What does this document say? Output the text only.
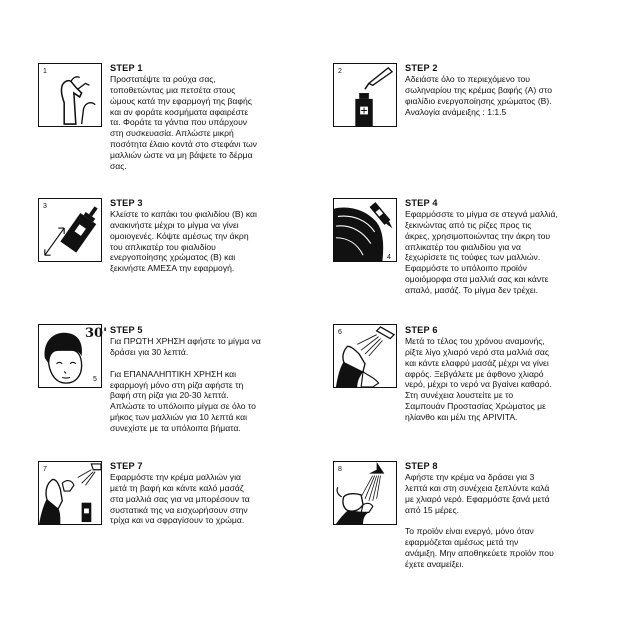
1	STEP 1
Προστατέψτε τα ρούχα σας,
τοποθετώντας μια πετσέτα στους
ώμους κατά την εφαρμογή της βαφής
και αν φοράτε κοσμήματα αφαιρέστε
τα. Φοράτε τα γάντια που υπάρχουν
στη συσκευασία. Απλώστε μικρή
ποσότητα έλαιο κοντά στο στεφάνι των
μαλλιών ώστε να μη βάψετε το δέρμα
σας.
2	STEP 2
Αδειάστε όλο το περιεχόμενο του
σωληναρίου της κρέμας βαφής (Α) στο
φιαλίδιο ενεργοποίησης χρώματος (Β).
Αναλογία ανάμειξης : 1:1.5
3	STEP 3
Κλείστε το καπάκι του φιαλιδίου (Β) και
ανακινήστε μέχρι το μίγμα να γίνει
ομοιογενές. Κόψτε αμέσως την άκρη
του απλικατέρ του φιαλιδίου
ενεργοποίησης χρώματος (Β) και
ξεκινήστε ΑΜΕΣΑ την εφαρμογή.
4
STEP 4
Εφαρμόσστε το μίγμα σε στεγνά μαλλιά,
ξεκινώντας από τις ρίζες προς τις
άκρες, χρησιμοποιώντας την άκρη του
απλικατέρ του φιαλιδίου για να
ξεχωρίσετε τις τούφες των μαλλιών.
Εφαρμόστε το υπόλοιπο προϊόν
ομοιόμορφα στα μαλλιά σας και κάντε
απαλό, μασάζ. Το μίγμα δεν τρέχει.
30'
5
STEP 5
Για ΠΡΩΤΗ ΧΡΗΣΗ αφήστε το μίγμα να
δράσει για 30 λεπτά.
Για ΕΠΑΝΑΛΗΠΤΙΚΗ ΧΡΗΣΗ και
εφαρμογή μόνο στη ρίζα αφήστε τη
βαφή στη ρίζα για 20-30 λεπτά.
Απλώστε το υπόλοιπο μίγμα σε όλο το
μήκος των μαλλιών για 10 λεπτά και
συνεχίστε με τα υπόλοιπα βήματα.
6	STEP 6
Μετά το τέλος του χρόνου αναμονής,
ρίξτε λίγο χλιαρό νερό στα μαλλιά σας
και κάντε ελαφρύ μασάζ μέχρι να γίνει
αφρός. Ξεβγάλετε με άφθονο χλιαρό
νερό, μέχρι το νερό να βγαίνει καθαρό.
Στη συνέχεια λουστείτε με το
Σαμπουάν Προστασίας Χρώματος με
ηλίανθο και μέλι της APIVITA.
7	STEP 7
Εφαρμόστε την κρέμα μαλλιών για
μετά τη βαφή και κάντε καλό μασάζ
στα μαλλιά σας για να μπορέσουν τα
συστατικά της να εισχωρήσουν στην
τρίχα και να σφραγίσουν το χρώμα.
8	STEP 8
Αφήστε την κρέμα να δράσει για 3
λεπτά και στη συνέχεια ξεπλύντε καλά
με χλιαρό νερό. Εφαρμόστε ξανά μετά
από 15 μέρες.
Το προϊόν είναι ενεργό, μόνο όταν
εφαρμόζεται αμέσως μετά την
ανάμιξη. Μην αποθηκεύετε προϊόν που
έχετε αναμείξει.
